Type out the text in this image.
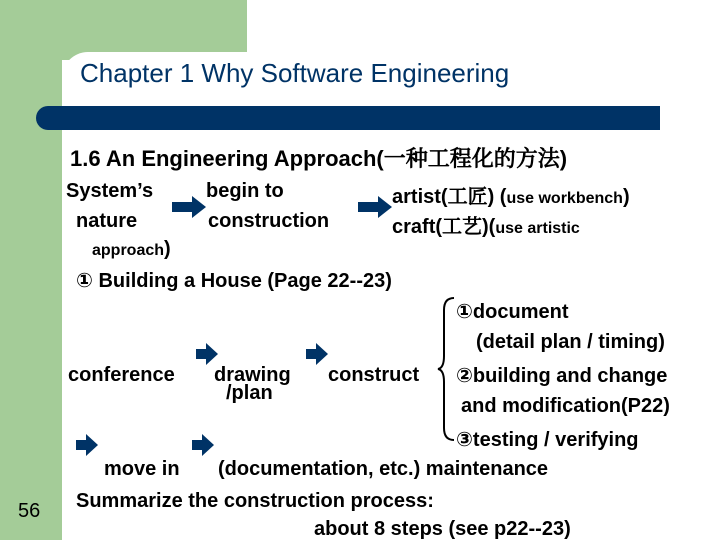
Chapter 1 Why Software Engineering
1.6 An Engineering Approach(一种工程化的方法)
System’s
nature
begin to
construction
artist(工匠) (use workbench)
craft(工艺)(use artistic
approach)
① Building a House (Page 22--23)
①document
(detail plan / timing)
②building and change
and modification(P22)
③testing / verifying
conference drawing
/plan
construct
move in (documentation, etc.) maintenance
Summarize the construction process:
about 8 steps (see p22--23)
56
